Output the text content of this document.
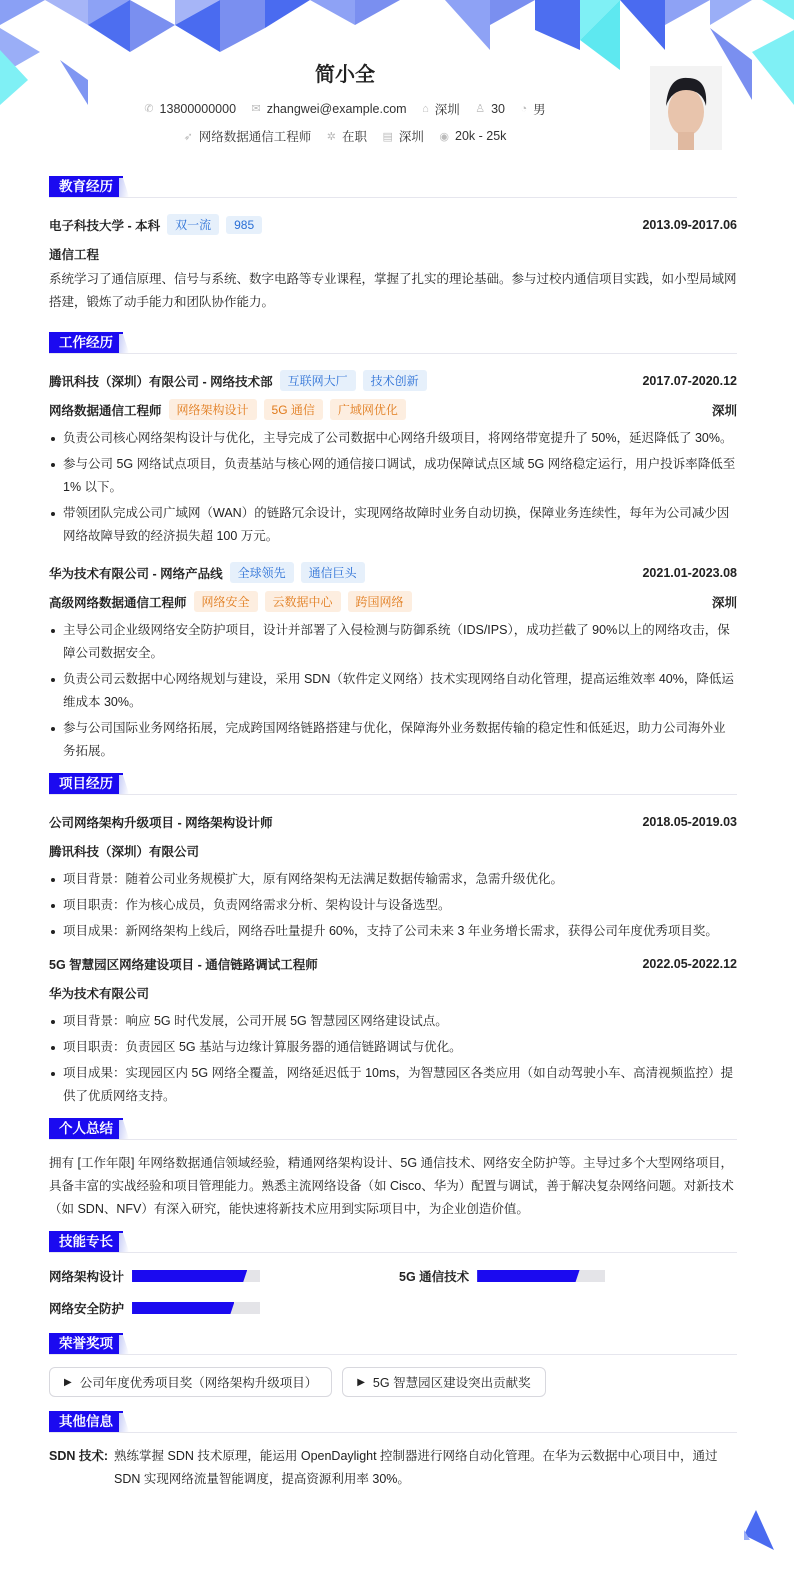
简小全
✆ 13800000000
✉ zhangwei@example.com
⌂ 深圳
♙ 30
◔ 男
➶ 网络数据通信工程师
✲ 在职
▤ 深圳
◉ 20k - 25k
教育经历
电子科技大学 - 本科	双一流	985	2013.09-2017.06
通信工程
系统学习了通信原理、信号与系统、数字电路等专业课程，掌握了扎实的理论基础。参与过校内通信项目实践，如小型局域网搭建，锻炼了动手能力和团队协作能力。
工作经历
腾讯科技（深圳）有限公司 - 网络技术部	互联网大厂	技术创新	2017.07-2020.12
网络数据通信工程师	网络架构设计	5G 通信	广域网优化	深圳
负责公司核心网络架构设计与优化，主导完成了公司数据中心网络升级项目，将网络带宽提升了 50%，延迟降低了 30%。
参与公司 5G 网络试点项目，负责基站与核心网的通信接口调试，成功保障试点区域 5G 网络稳定运行，用户投诉率降低至 1% 以下。
带领团队完成公司广域网（WAN）的链路冗余设计，实现网络故障时业务自动切换，保障业务连续性，每年为公司减少因网络故障导致的经济损失超 100 万元。
华为技术有限公司 - 网络产品线	全球领先	通信巨头	2021.01-2023.08
高级网络数据通信工程师	网络安全	云数据中心	跨国网络	深圳
主导公司企业级网络安全防护项目，设计并部署了入侵检测与防御系统（IDS/IPS），成功拦截了 90%以上的网络攻击，保障公司数据安全。
负责公司云数据中心网络规划与建设，采用 SDN（软件定义网络）技术实现网络自动化管理，提高运维效率 40%，降低运维成本 30%。
参与公司国际业务网络拓展，完成跨国网络链路搭建与优化，保障海外业务数据传输的稳定性和低延迟，助力公司海外业务拓展。
项目经历
公司网络架构升级项目 - 网络架构设计师	2018.05-2019.03
腾讯科技（深圳）有限公司
项目背景：随着公司业务规模扩大，原有网络架构无法满足数据传输需求，急需升级优化。
项目职责：作为核心成员，负责网络需求分析、架构设计与设备选型。
项目成果：新网络架构上线后，网络吞吐量提升 60%，支持了公司未来 3 年业务增长需求，获得公司年度优秀项目奖。
5G 智慧园区网络建设项目 - 通信链路调试工程师	2022.05-2022.12
华为技术有限公司
项目背景：响应 5G 时代发展，公司开展 5G 智慧园区网络建设试点。
项目职责：负责园区 5G 基站与边缘计算服务器的通信链路调试与优化。
项目成果：实现园区内 5G 网络全覆盖，网络延迟低于 10ms，为智慧园区各类应用（如自动驾驶小车、高清视频监控）提供了优质网络支持。
个人总结
拥有 [工作年限] 年网络数据通信领域经验，精通网络架构设计、5G 通信技术、网络安全防护等。主导过多个大型网络项目，具备丰富的实战经验和项目管理能力。熟悉主流网络设备（如 Cisco、华为）配置与调试，善于解决复杂网络问题。对新技术（如 SDN、NFV）有深入研究，能快速将新技术应用到实际项目中，为企业创造价值。
技能专长
网络架构设计	5G 通信技术
网络安全防护
荣誉奖项
▶ 公司年度优秀项目奖（网络架构升级项目）	▶ 5G 智慧园区建设突出贡献奖
其他信息
SDN 技术: 熟练掌握 SDN 技术原理，能运用 OpenDaylight 控制器进行网络自动化管理。在华为云数据中心项目中，通过 SDN 实现网络流量智能调度，提高资源利用率 30%。
